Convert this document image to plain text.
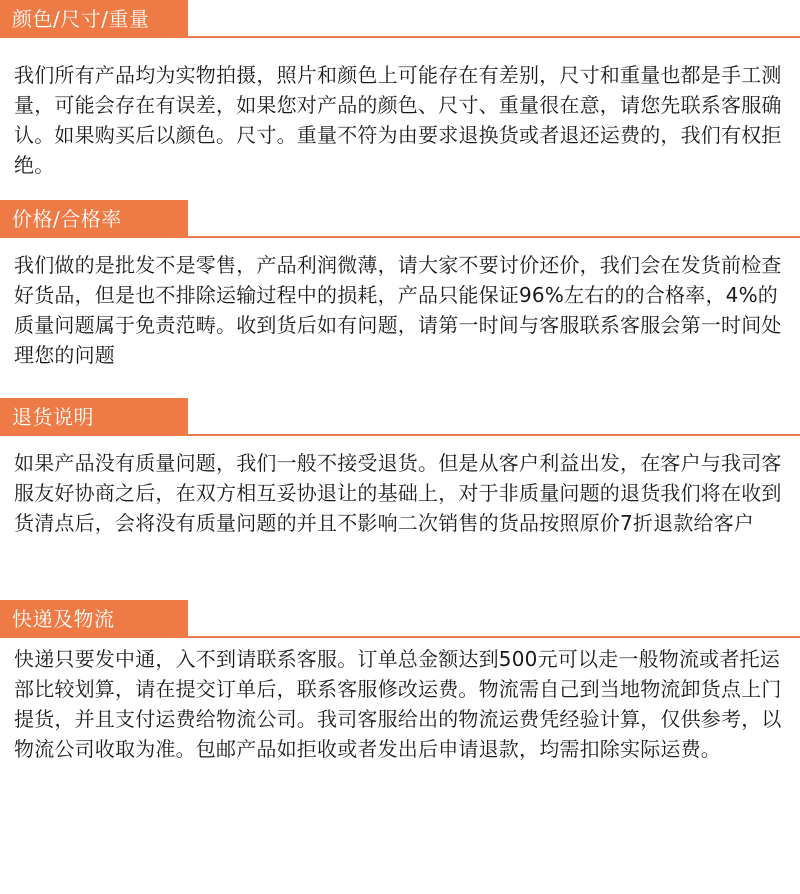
颜色/尺寸/重量

我们所有产品均为实物拍摄，照片和颜色上可能存在有差别，尺寸和重量也都是手工测量，可能会存在有误差，如果您对产品的颜色、尺寸、重量很在意，请您先联系客服确认。如果购买后以颜色。尺寸。重量不符为由要求退换货或者退还运费的，我们有权拒绝。

价格/合格率

我们做的是批发不是零售，产品利润微薄，请大家不要讨价还价，我们会在发货前检查好货品，但是也不排除运输过程中的损耗，产品只能保证96%左右的的合格率，4%的质量问题属于免责范畴。收到货后如有问题，请第一时间与客服联系客服会第一时间处理您的问题

退货说明

如果产品没有质量问题，我们一般不接受退货。但是从客户利益出发，在客户与我司客服友好协商之后，在双方相互妥协退让的基础上，对于非质量问题的退货我们将在收到货清点后，会将没有质量问题的并且不影响二次销售的货品按照原价7折退款给客户

快递及物流

快递只要发中通，入不到请联系客服。订单总金额达到500元可以走一般物流或者托运部比较划算，请在提交订单后，联系客服修改运费。物流需自己到当地物流卸货点上门提货，并且支付运费给物流公司。我司客服给出的物流运费凭经验计算，仅供参考，以物流公司收取为准。包邮产品如拒收或者发出后申请退款，均需扣除实际运费。
